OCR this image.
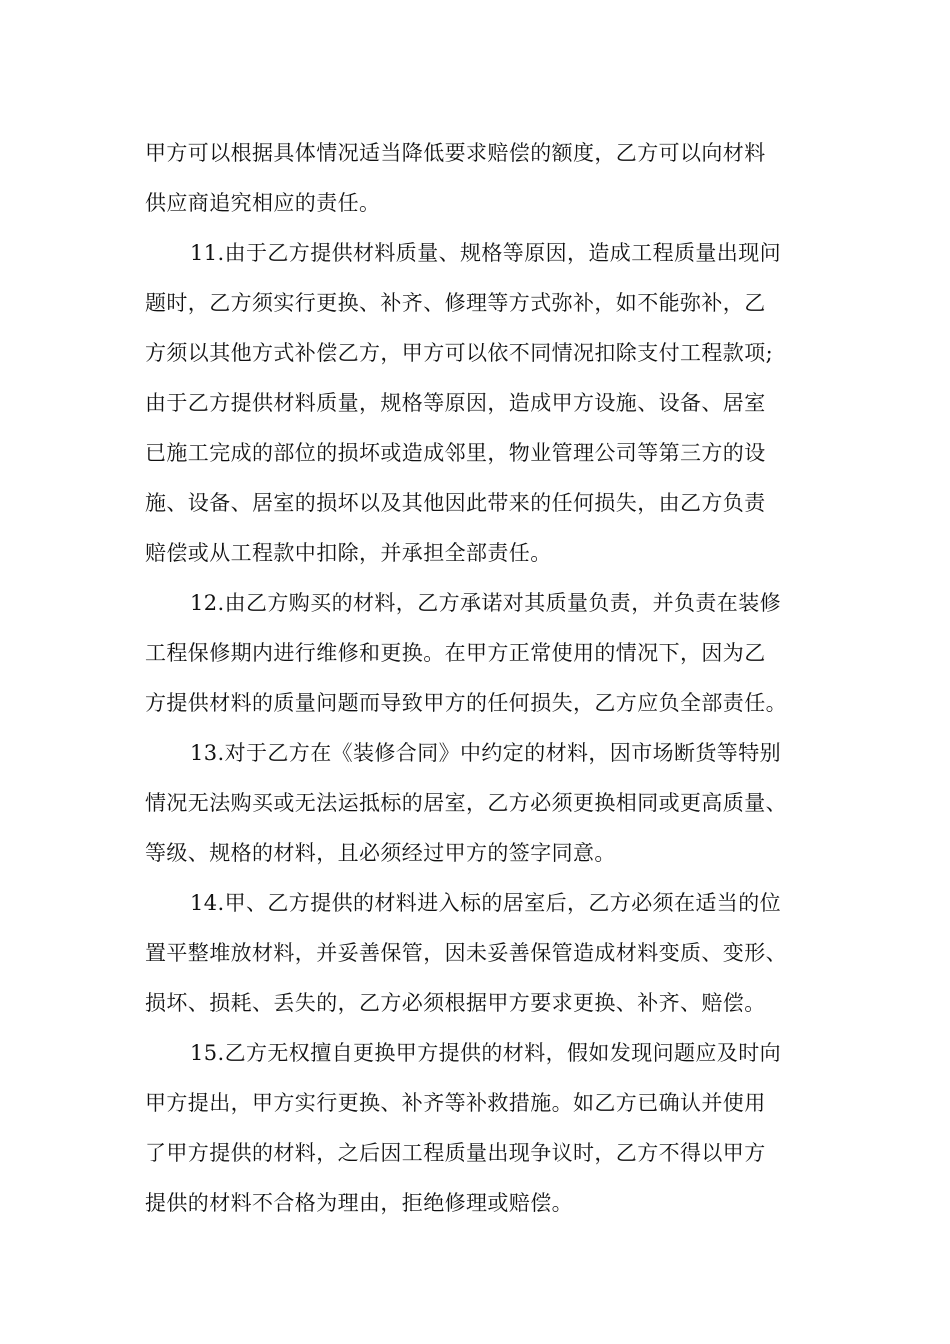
甲方可以根据具体情况适当降低要求赔偿的额度，乙方可以向材料
供应商追究相应的责任。
11.由于乙方提供材料质量、规格等原因，造成工程质量出现问
题时，乙方须实行更换、补齐、修理等方式弥补，如不能弥补，乙
方须以其他方式补偿乙方，甲方可以依不同情况扣除支付工程款项;
由于乙方提供材料质量，规格等原因，造成甲方设施、设备、居室
已施工完成的部位的损坏或造成邻里，物业管理公司等第三方的设
施、设备、居室的损坏以及其他因此带来的任何损失，由乙方负责
赔偿或从工程款中扣除，并承担全部责任。
12.由乙方购买的材料，乙方承诺对其质量负责，并负责在装修
工程保修期内进行维修和更换。在甲方正常使用的情况下，因为乙
方提供材料的质量问题而导致甲方的任何损失，乙方应负全部责任。
13.对于乙方在《装修合同》中约定的材料，因市场断货等特别
情况无法购买或无法运抵标的居室，乙方必须更换相同或更高质量、
等级、规格的材料，且必须经过甲方的签字同意。
14.甲、乙方提供的材料进入标的居室后，乙方必须在适当的位
置平整堆放材料，并妥善保管，因未妥善保管造成材料变质、变形、
损坏、损耗、丢失的，乙方必须根据甲方要求更换、补齐、赔偿。
15.乙方无权擅自更换甲方提供的材料，假如发现问题应及时向
甲方提出，甲方实行更换、补齐等补救措施。如乙方已确认并使用
了甲方提供的材料，之后因工程质量出现争议时，乙方不得以甲方
提供的材料不合格为理由，拒绝修理或赔偿。
